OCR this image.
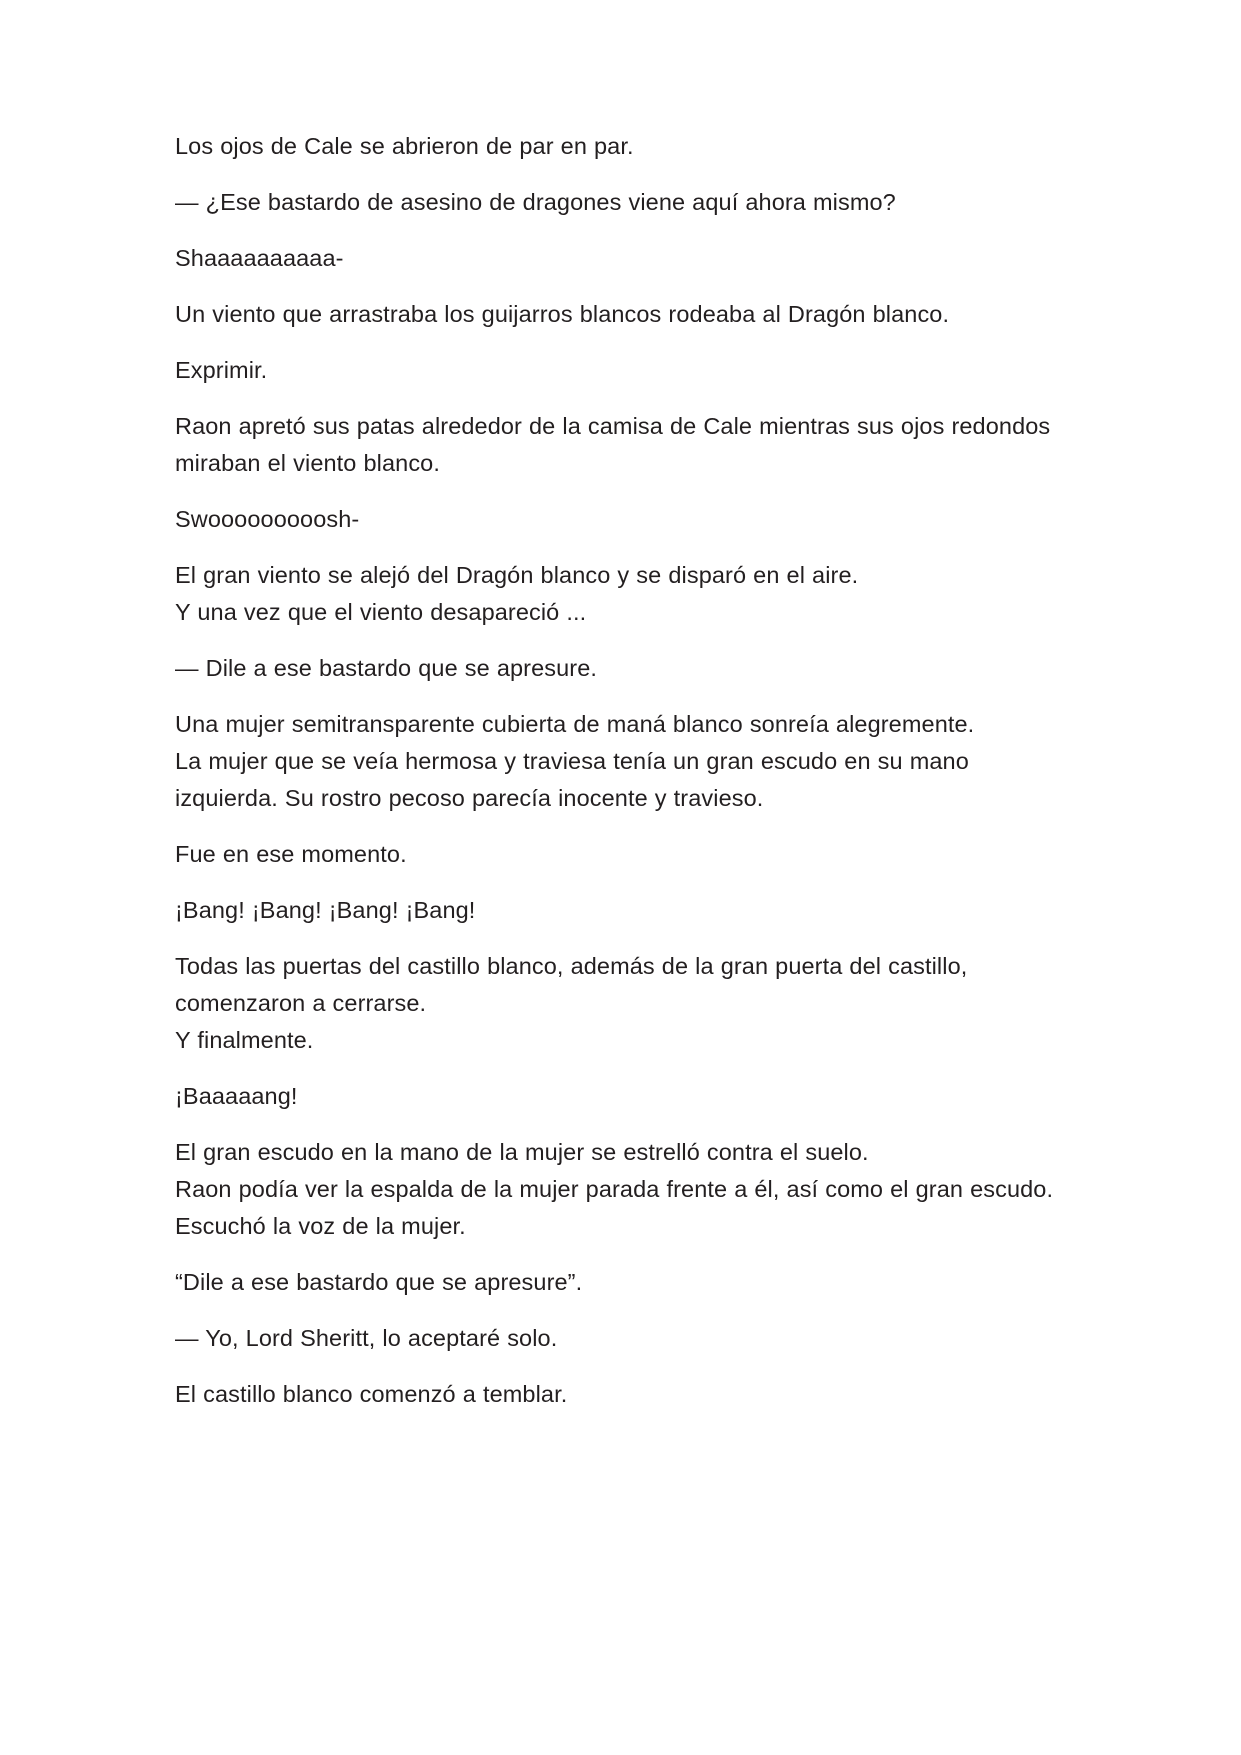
Los ojos de Cale se abrieron de par en par.

— ¿Ese bastardo de asesino de dragones viene aquí ahora mismo?

Shaaaaaaaaaa-

Un viento que arrastraba los guijarros blancos rodeaba al Dragón blanco.

Exprimir.

Raon apretó sus patas alrededor de la camisa de Cale mientras sus ojos redondos miraban el viento blanco.

Swooooooooosh-

El gran viento se alejó del Dragón blanco y se disparó en el aire.
Y una vez que el viento desapareció ...

— Dile a ese bastardo que se apresure.

Una mujer semitransparente cubierta de maná blanco sonreía alegremente.
La mujer que se veía hermosa y traviesa tenía un gran escudo en su mano izquierda. Su rostro pecoso parecía inocente y travieso.

Fue en ese momento.

¡Bang! ¡Bang! ¡Bang! ¡Bang!

Todas las puertas del castillo blanco, además de la gran puerta del castillo, comenzaron a cerrarse.
Y finalmente.

¡Baaaaang!

El gran escudo en la mano de la mujer se estrelló contra el suelo.
Raon podía ver la espalda de la mujer parada frente a él, así como el gran escudo. Escuchó la voz de la mujer.

“Dile a ese bastardo que se apresure”.

— Yo, Lord Sheritt, lo aceptaré solo.

El castillo blanco comenzó a temblar.
